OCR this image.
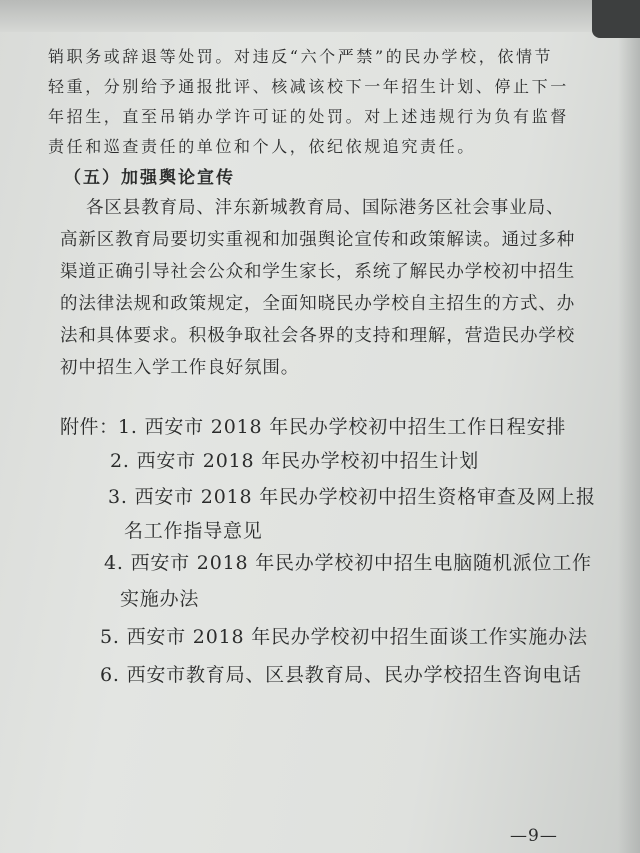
销职务或辞退等处罚。对违反“六个严禁”的民办学校，依情节
轻重，分别给予通报批评、核减该校下一年招生计划、停止下一
年招生，直至吊销办学许可证的处罚。对上述违规行为负有监督
责任和巡查责任的单位和个人，依纪依规追究责任。
（五）加强舆论宣传
各区县教育局、沣东新城教育局、国际港务区社会事业局、
高新区教育局要切实重视和加强舆论宣传和政策解读。通过多种
渠道正确引导社会公众和学生家长，系统了解民办学校初中招生
的法律法规和政策规定，全面知晓民办学校自主招生的方式、办
法和具体要求。积极争取社会各界的支持和理解，营造民办学校
初中招生入学工作良好氛围。
附件： 1. 西安市 2018 年民办学校初中招生工作日程安排
2. 西安市 2018 年民办学校初中招生计划
3. 西安市 2018 年民办学校初中招生资格审查及网上报
名工作指导意见
4. 西安市 2018 年民办学校初中招生电脑随机派位工作
实施办法
5. 西安市 2018 年民办学校初中招生面谈工作实施办法
6. 西安市教育局、区县教育局、民办学校招生咨询电话
—9—
